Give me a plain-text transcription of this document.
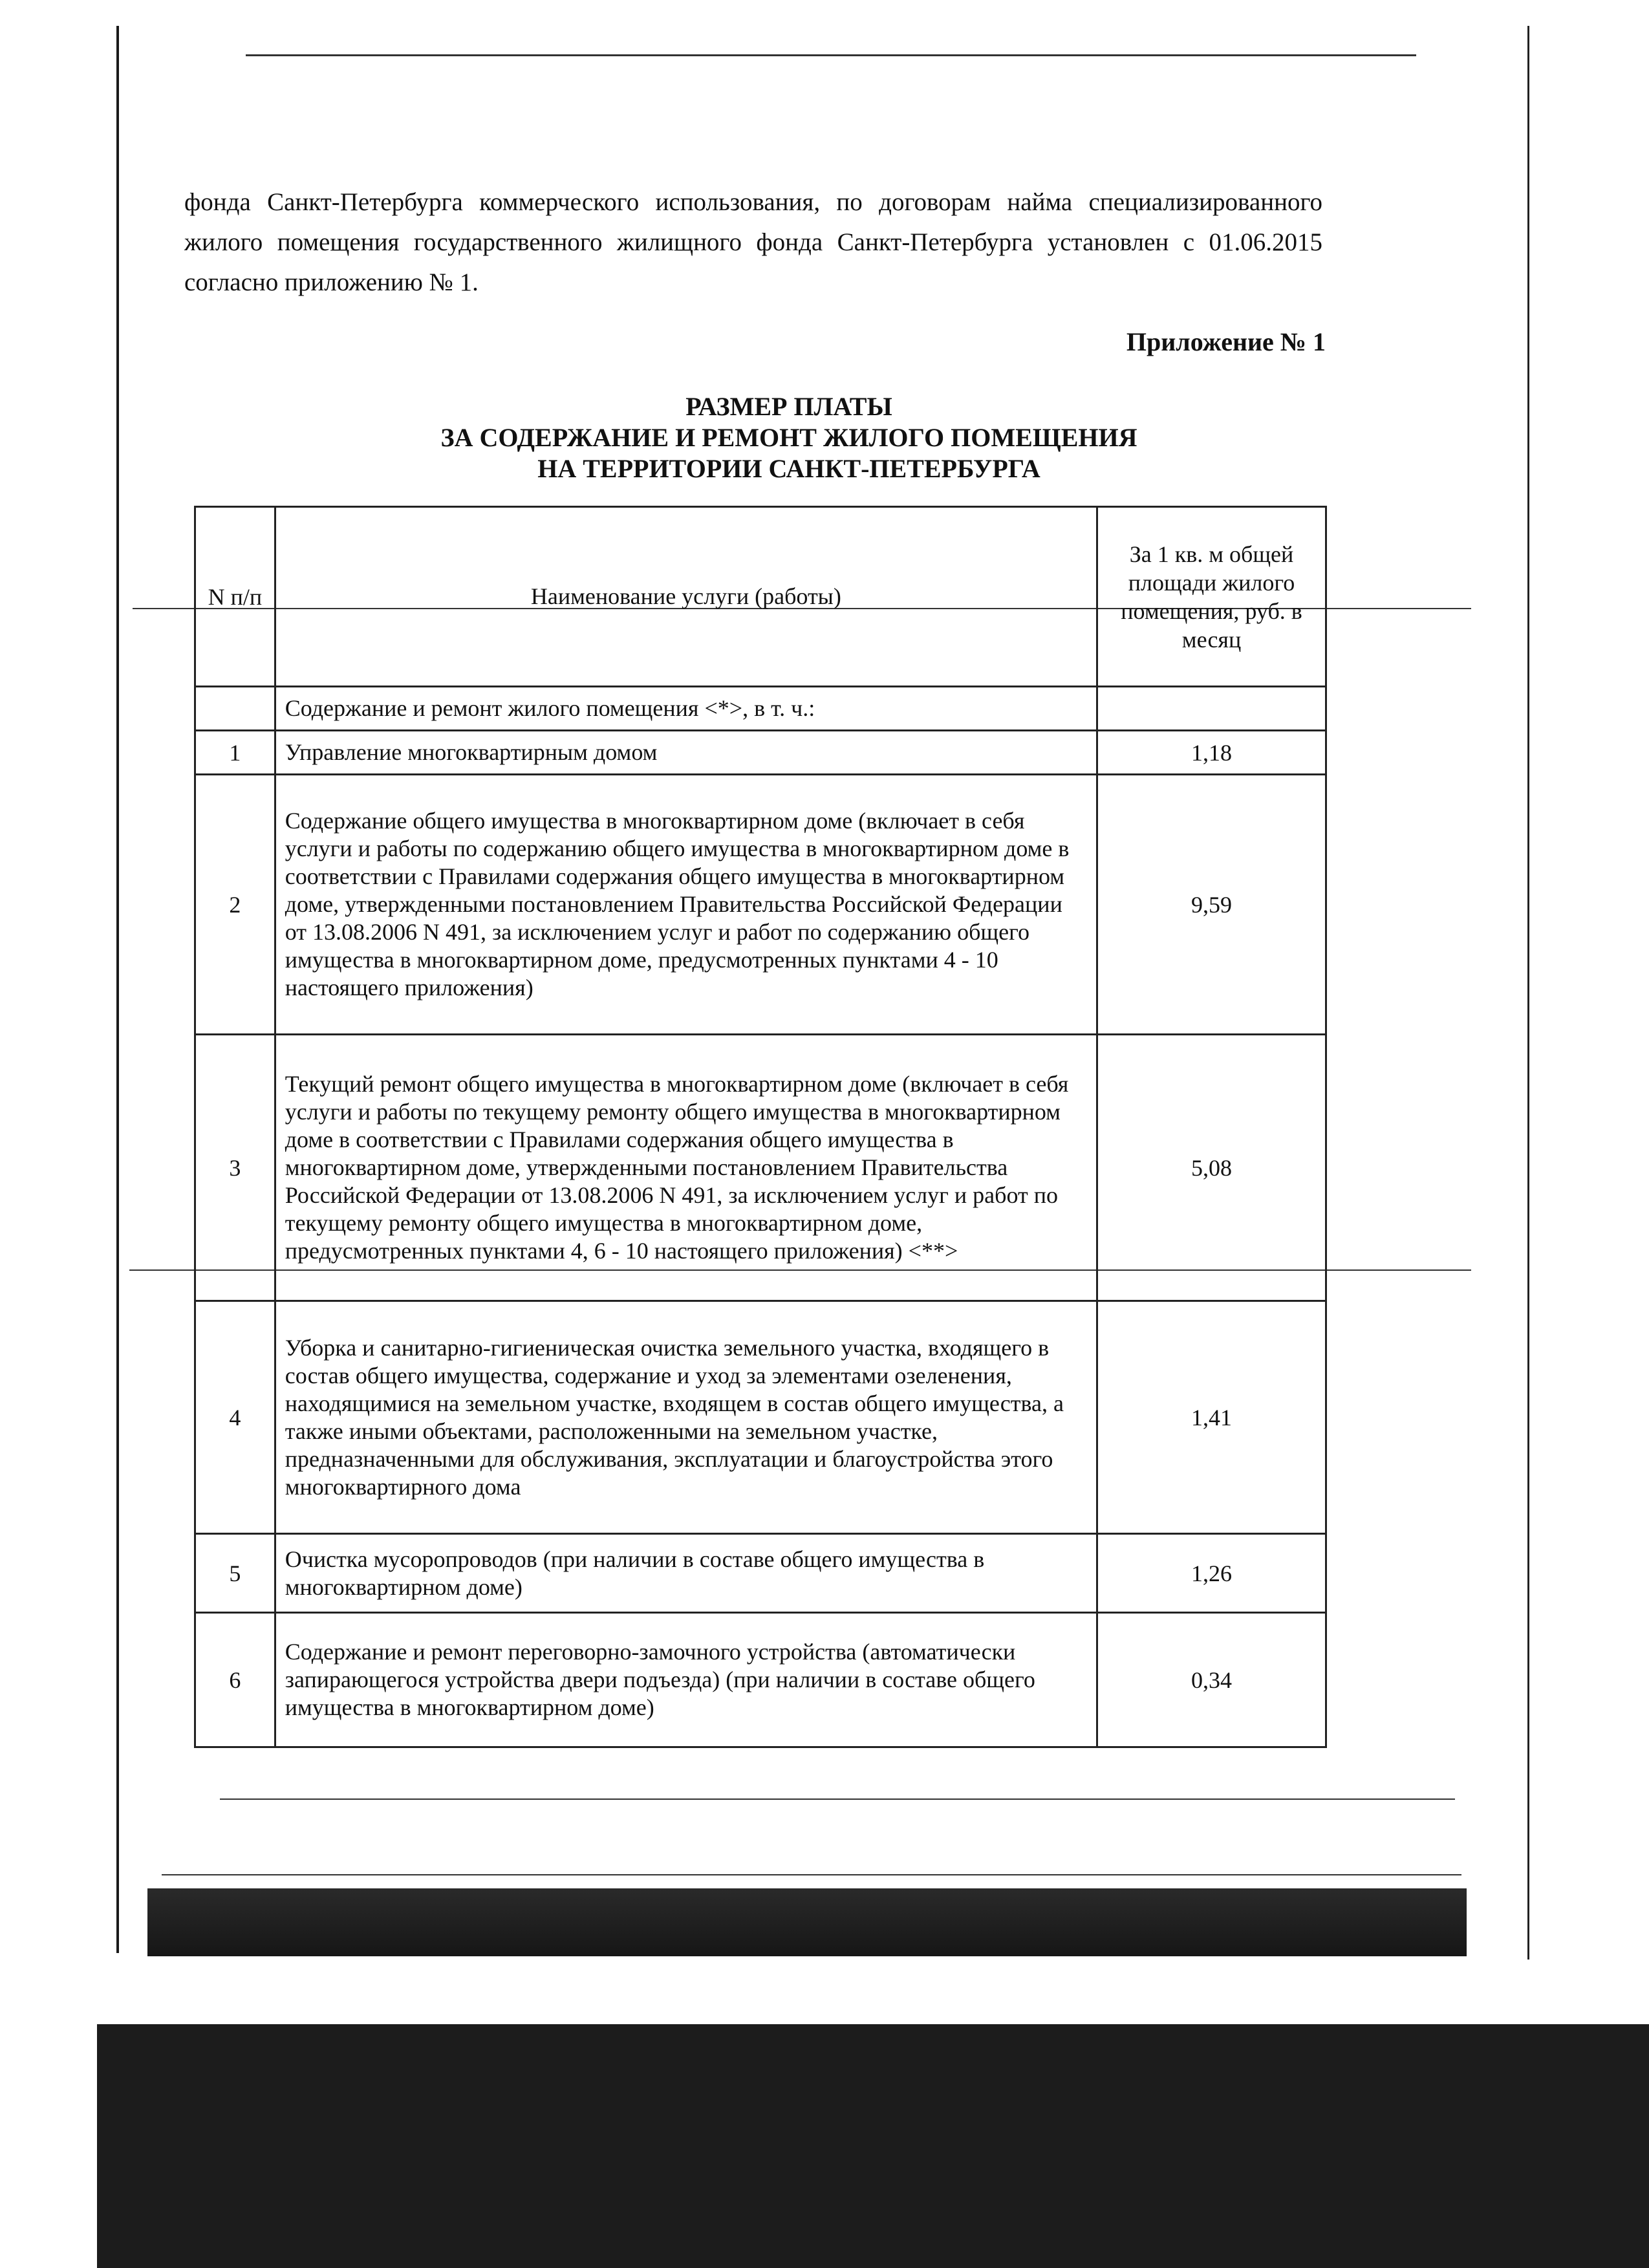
фонда Санкт-Петербурга коммерческого использования, по договорам найма специализированного жилого помещения государственного жилищного фонда Санкт-Петербурга установлен с 01.06.2015 согласно приложению № 1.
Приложение № 1
РАЗМЕР ПЛАТЫ
ЗА СОДЕРЖАНИЕ И РЕМОНТ ЖИЛОГО ПОМЕЩЕНИЯ
НА ТЕРРИТОРИИ САНКТ-ПЕТЕРБУРГА
N п/п	Наименование услуги (работы)	За 1 кв. м общей площади жилого помещения, руб. в месяц
	Содержание и ремонт жилого помещения <*>, в т. ч.:	
1	Управление многоквартирным домом	1,18
2	Содержание общего имущества в многоквартирном доме (включает в себя услуги и работы по содержанию общего имущества в многоквартирном доме в соответствии с Правилами содержания общего имущества в многоквартирном доме, утвержденными постановлением Правительства Российской Федерации от 13.08.2006 N 491, за исключением услуг и работ по содержанию общего имущества в многоквартирном доме, предусмотренных пунктами 4 - 10 настоящего приложения)	9,59
3	Текущий ремонт общего имущества в многоквартирном доме (включает в себя услуги и работы по текущему ремонту общего имущества в многоквартирном доме в соответствии с Правилами содержания общего имущества в многоквартирном доме, утвержденными постановлением Правительства Российской Федерации от 13.08.2006 N 491, за исключением услуг и работ по текущему ремонту общего имущества в многоквартирном доме, предусмотренных пунктами 4, 6 - 10 настоящего приложения) <**>	5,08
4	Уборка и санитарно-гигиеническая очистка земельного участка, входящего в состав общего имущества, содержание и уход за элементами озеленения, находящимися на земельном участке, входящем в состав общего имущества, а также иными объектами, расположенными на земельном участке, предназначенными для обслуживания, эксплуатации и благоустройства этого многоквартирного дома	1,41
5	Очистка мусоропроводов (при наличии в составе общего имущества в многоквартирном доме)	1,26
6	Содержание и ремонт переговорно-замочного устройства (автоматически запирающегося устройства двери подъезда) (при наличии в составе общего имущества в многоквартирном доме)	0,34
